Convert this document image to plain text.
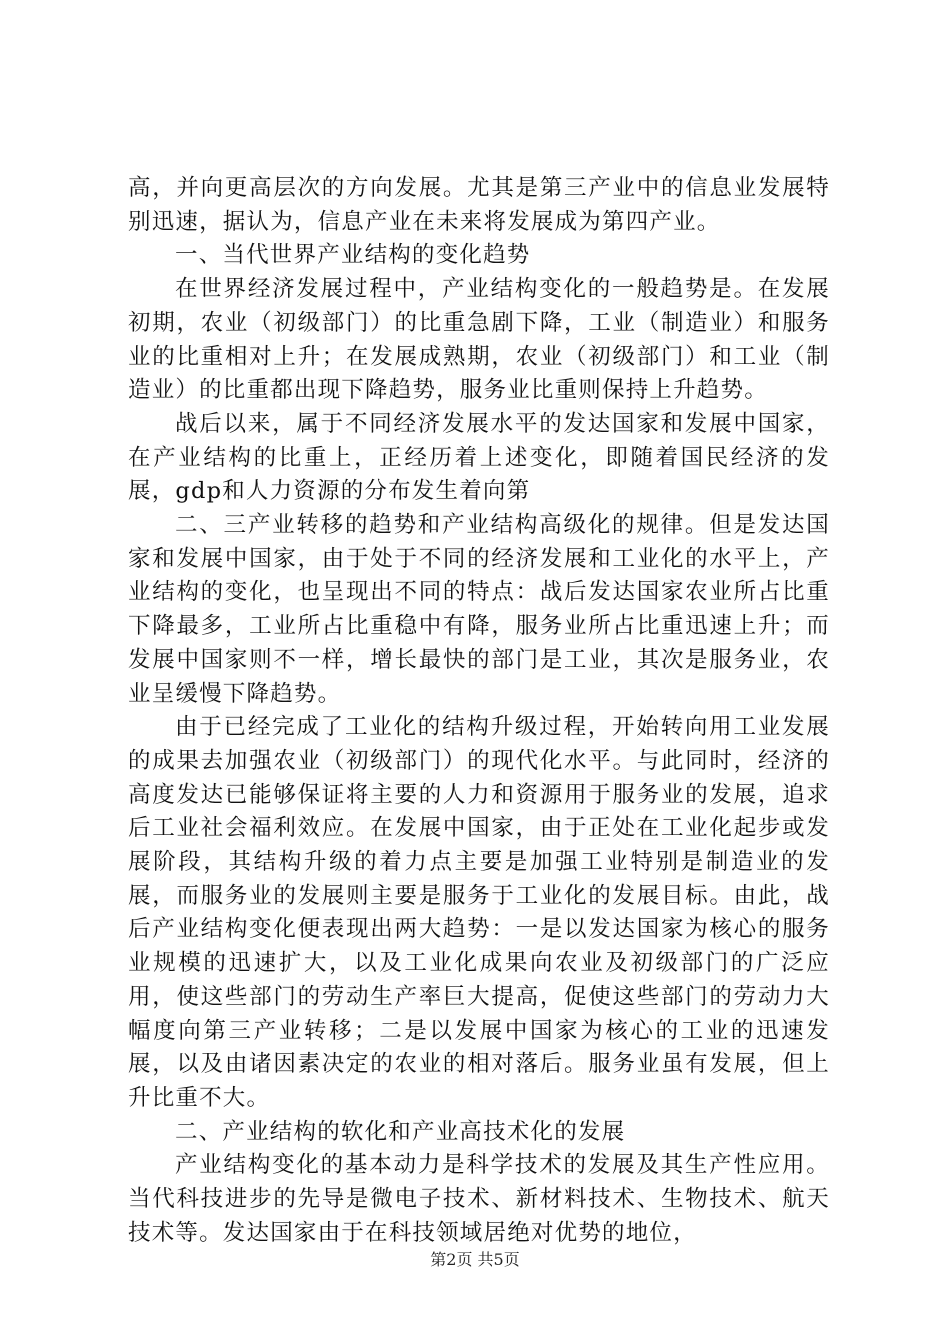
高，并向更高层次的方向发展。尤其是第三产业中的信息业发展特别迅速，据认为，信息产业在未来将发展成为第四产业。

一、当代世界产业结构的变化趋势

在世界经济发展过程中，产业结构变化的一般趋势是。在发展初期，农业（初级部门）的比重急剧下降，工业（制造业）和服务业的比重相对上升；在发展成熟期，农业（初级部门）和工业（制造业）的比重都出现下降趋势，服务业比重则保持上升趋势。

战后以来，属于不同经济发展水平的发达国家和发展中国家，在产业结构的比重上，正经历着上述变化，即随着国民经济的发展，gdp和人力资源的分布发生着向第

二、三产业转移的趋势和产业结构高级化的规律。但是发达国家和发展中国家，由于处于不同的经济发展和工业化的水平上，产业结构的变化，也呈现出不同的特点：战后发达国家农业所占比重下降最多，工业所占比重稳中有降，服务业所占比重迅速上升；而发展中国家则不一样，增长最快的部门是工业，其次是服务业，农业呈缓慢下降趋势。

由于已经完成了工业化的结构升级过程，开始转向用工业发展的成果去加强农业（初级部门）的现代化水平。与此同时，经济的高度发达已能够保证将主要的人力和资源用于服务业的发展，追求后工业社会福利效应。在发展中国家，由于正处在工业化起步或发展阶段，其结构升级的着力点主要是加强工业特别是制造业的发展，而服务业的发展则主要是服务于工业化的发展目标。由此，战后产业结构变化便表现出两大趋势：一是以发达国家为核心的服务业规模的迅速扩大，以及工业化成果向农业及初级部门的广泛应用，使这些部门的劳动生产率巨大提高，促使这些部门的劳动力大幅度向第三产业转移；二是以发展中国家为核心的工业的迅速发展，以及由诸因素决定的农业的相对落后。服务业虽有发展，但上升比重不大。

二、产业结构的软化和产业高技术化的发展

产业结构变化的基本动力是科学技术的发展及其生产性应用。当代科技进步的先导是微电子技术、新材料技术、生物技术、航天技术等。发达国家由于在科技领域居绝对优势的地位，

第2页 共5页
